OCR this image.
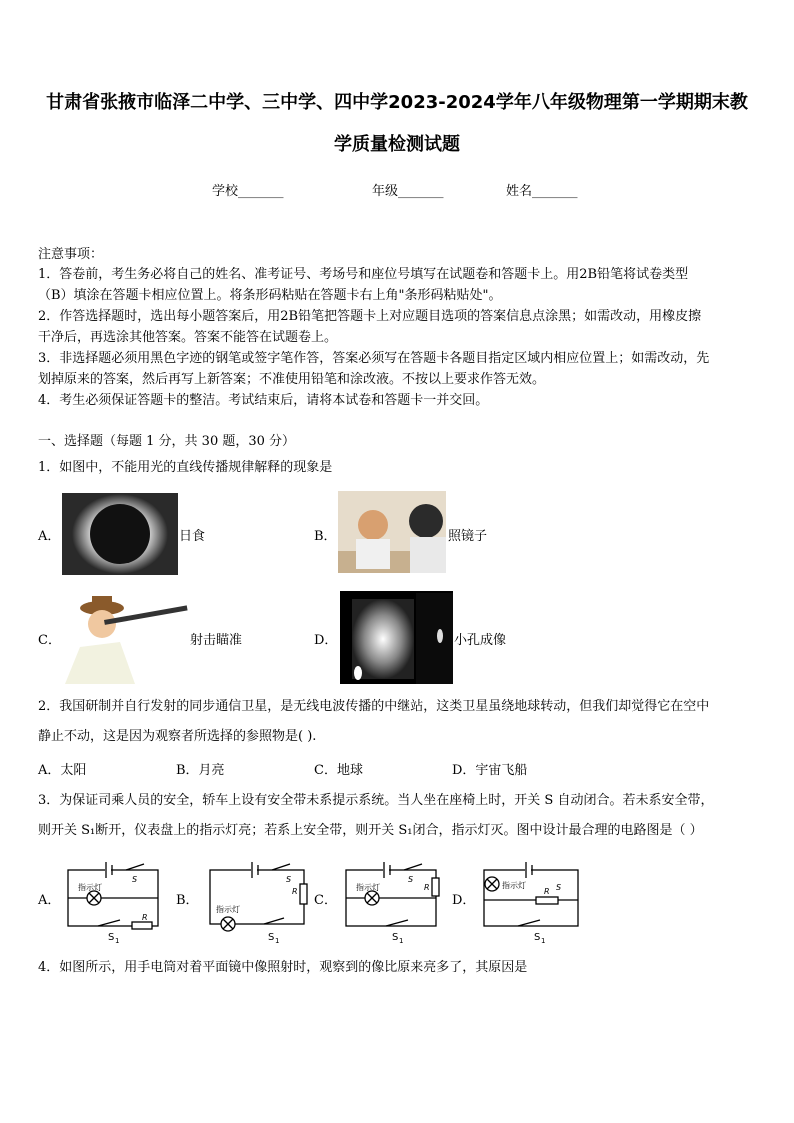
甘肃省张掖市临泽二中学、三中学、四中学2023-2024学年八年级物理第一学期期末教
学质量检测试题
学校_______	年级_______	姓名_______
注意事项：
1．答卷前，考生务必将自己的姓名、准考证号、考场号和座位号填写在试题卷和答题卡上。用2B铅笔将试卷类型
（B）填涂在答题卡相应位置上。将条形码粘贴在答题卡右上角"条形码粘贴处"。
2．作答选择题时，选出每小题答案后，用2B铅笔把答题卡上对应题目选项的答案信息点涂黑；如需改动，用橡皮擦
干净后，再选涂其他答案。答案不能答在试题卷上。
3．非选择题必须用黑色字迹的钢笔或签字笔作答，答案必须写在答题卡各题目指定区域内相应位置上；如需改动，先
划掉原来的答案，然后再写上新答案；不准使用铅笔和涂改液。不按以上要求作答无效。
4．考生必须保证答题卡的整洁。考试结束后，请将本试卷和答题卡一并交回。
一、选择题（每题 1 分，共 30 题，30 分）
1．如图中，不能用光的直线传播规律解释的现象是
A．	日食	B．	照镜子
C．	射击瞄准	D．	小孔成像
2．我国研制并自行发射的同步通信卫星，是无线电波传播的中继站，这类卫星虽绕地球转动，但我们却觉得它在空中
静止不动，这是因为观察者所选择的参照物是( ).
A．太阳	B．月亮	C．地球	D．宇宙飞船
3．为保证司乘人员的安全，轿车上设有安全带未系提示系统。当人坐在座椅上时，开关 S 自动闭合。若未系安全带，
则开关 S₁断开，仪表盘上的指示灯亮；若系上安全带，则开关 S₁闭合，指示灯灭。图中设计最合理的电路图是（ ）
A．
指示灯
S
R
S 1
B．
指示灯
S
R
S 1
C．
指示灯
S
R
S 1
D．
指示灯	S
R
S 1
4．如图所示，用手电筒对着平面镜中像照射时，观察到的像比原来亮多了，其原因是
